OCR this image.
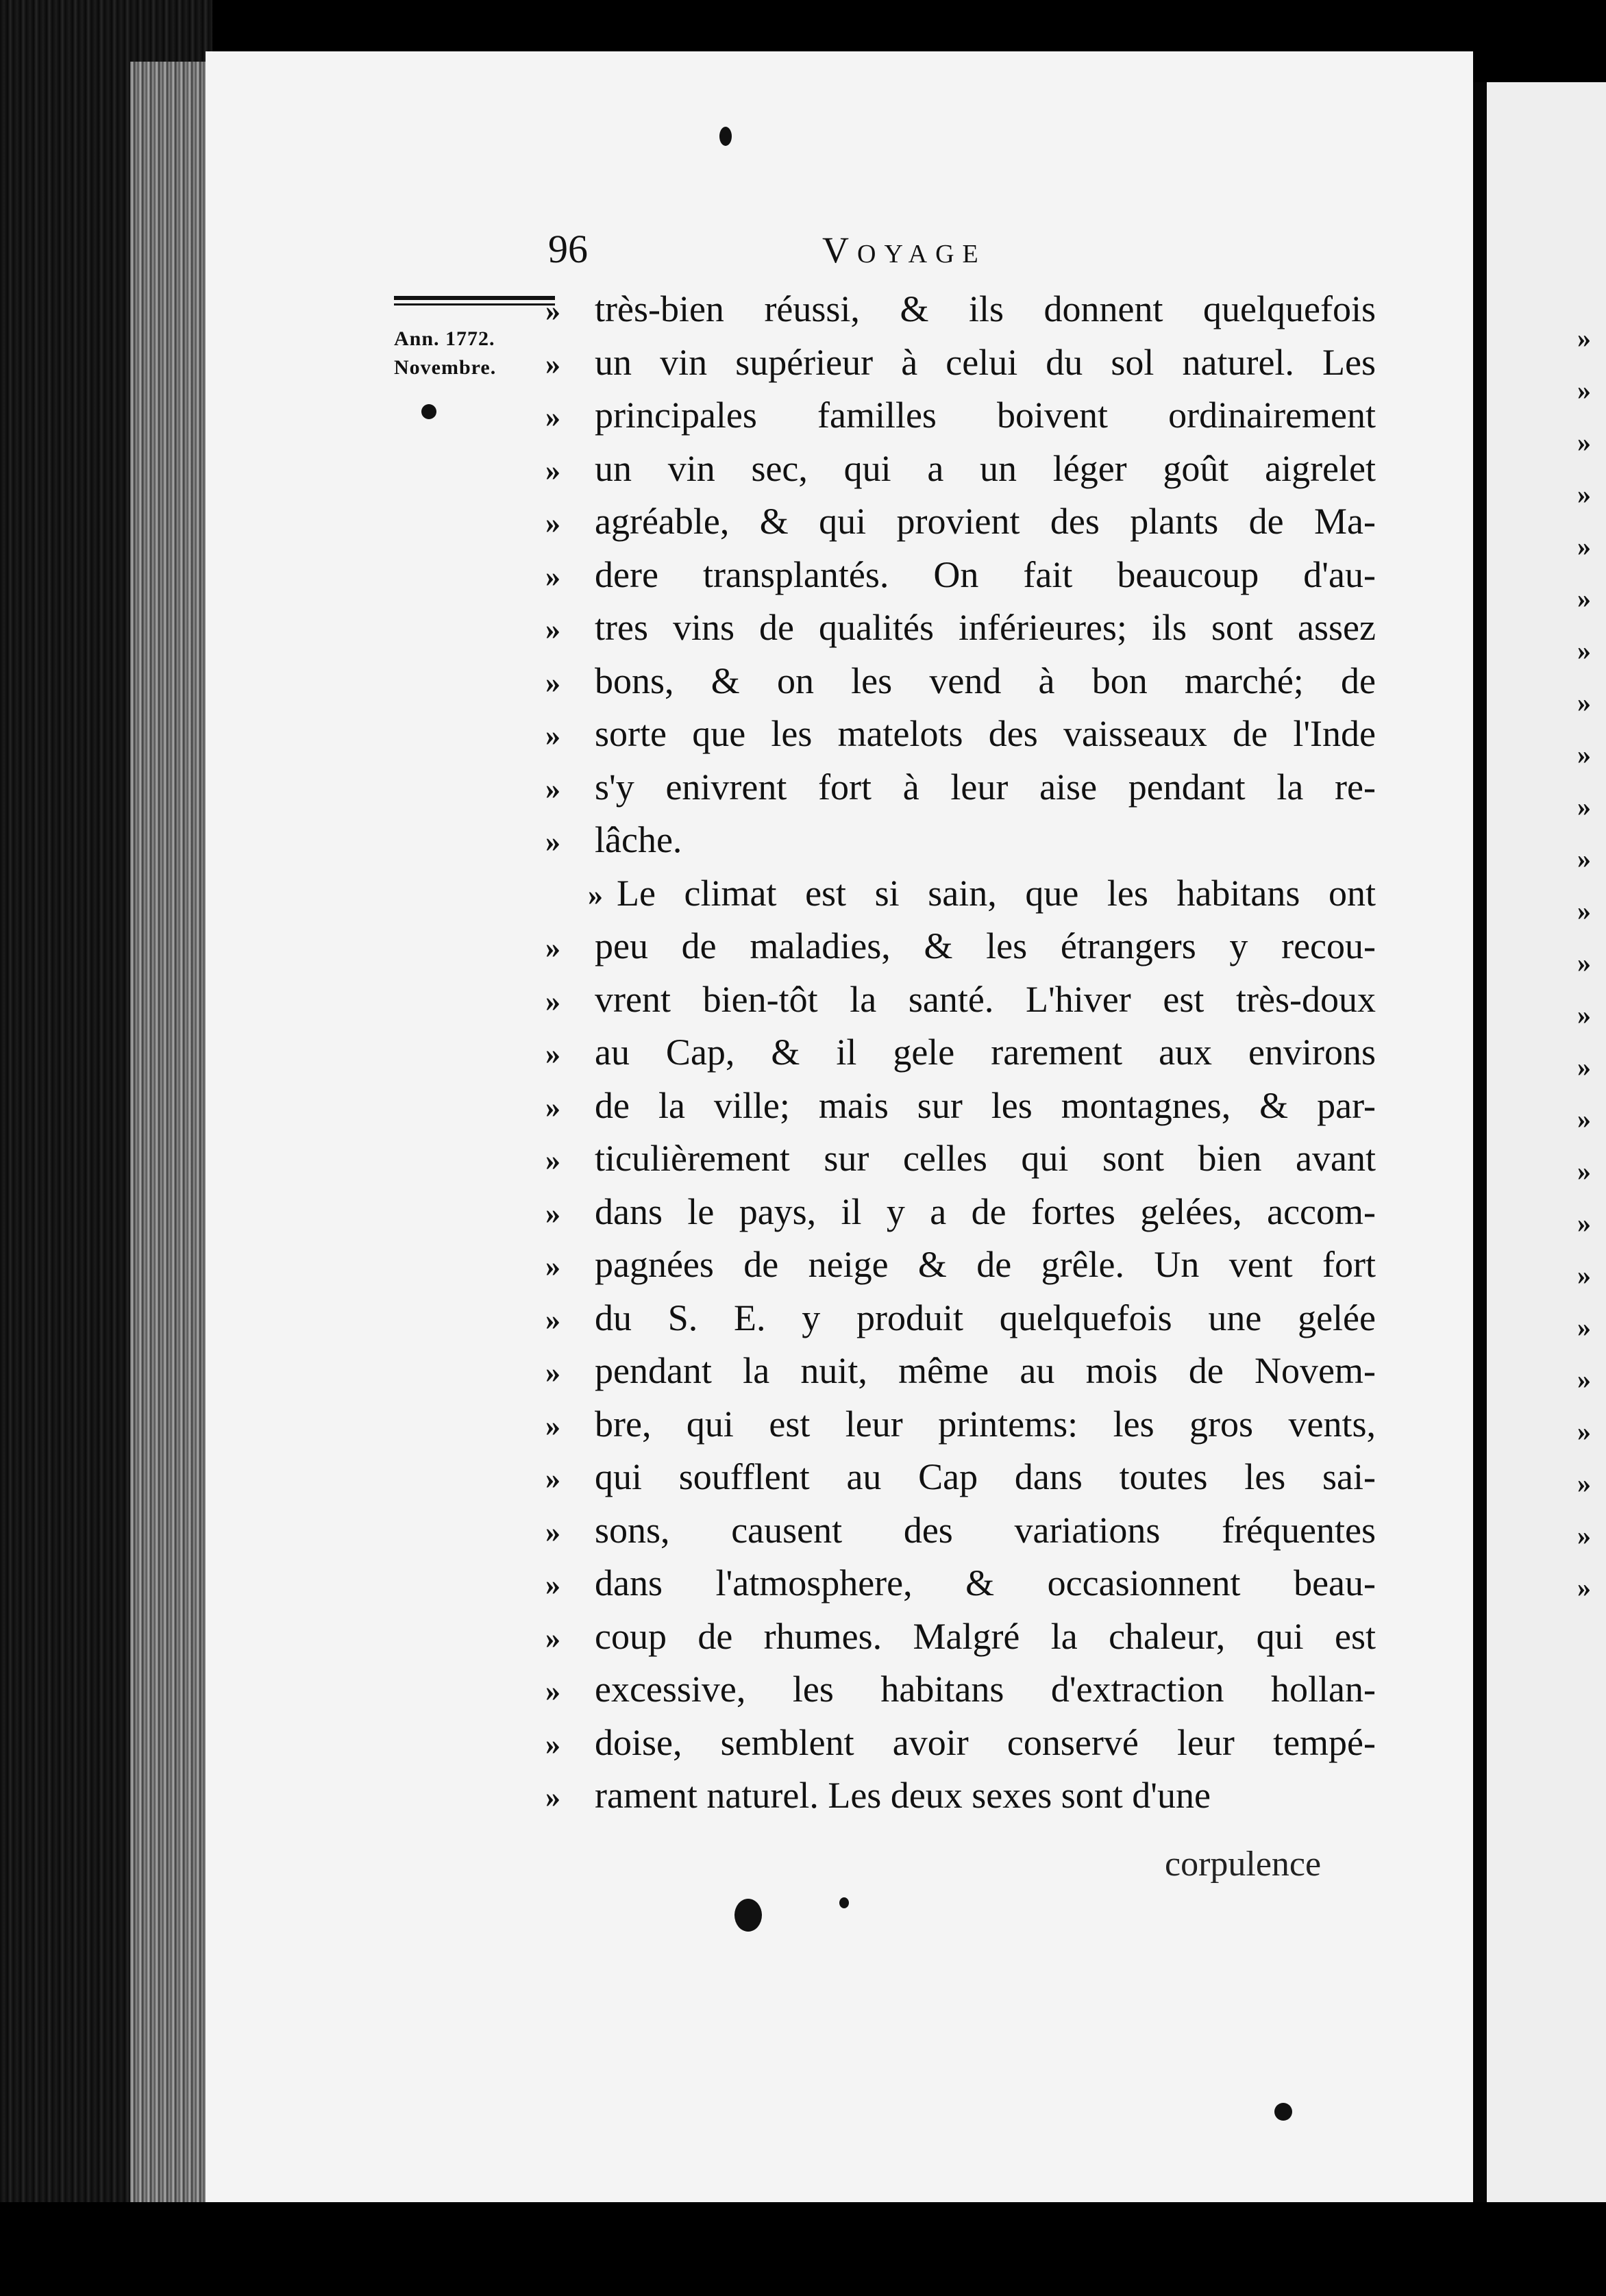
96	Voyage
Ann. 1772.
Novembre.
» très-bien réussi, & ils donnent quelquefois
» un vin supérieur à celui du sol naturel. Les
» principales familles boivent ordinairement
» un vin sec, qui a un léger goût aigrelet
» agréable, & qui provient des plants de Ma-
» dere transplantés. On fait beaucoup d'au-
» tres vins de qualités inférieures; ils sont assez
» bons, & on les vend à bon marché; de
» sorte que les matelots des vaisseaux de l'Inde
» s'y enivrent fort à leur aise pendant la re-
» lâche.
» Le climat est si sain, que les habitans ont
» peu de maladies, & les étrangers y recou-
» vrent bien-tôt la santé. L'hiver est très-doux
» au Cap, & il gele rarement aux environs
» de la ville; mais sur les montagnes, & par-
» ticulièrement sur celles qui sont bien avant
» dans le pays, il y a de fortes gelées, accom-
» pagnées de neige & de grêle. Un vent fort
» du S. E. y produit quelquefois une gelée
» pendant la nuit, même au mois de Novem-
» bre, qui est leur printems: les gros vents,
» qui soufflent au Cap dans toutes les sai-
» sons, causent des variations fréquentes
» dans l'atmosphere, & occasionnent beau-
» coup de rhumes. Malgré la chaleur, qui est
» excessive, les habitans d'extraction hollan-
» doise, semblent avoir conservé leur tempé-
» rament naturel. Les deux sexes sont d'une
corpulence
»
»
»
»
»
»
»
»
»
»
»
»
»
»
»
»
»
»
»
»
»
»
»
»
»
